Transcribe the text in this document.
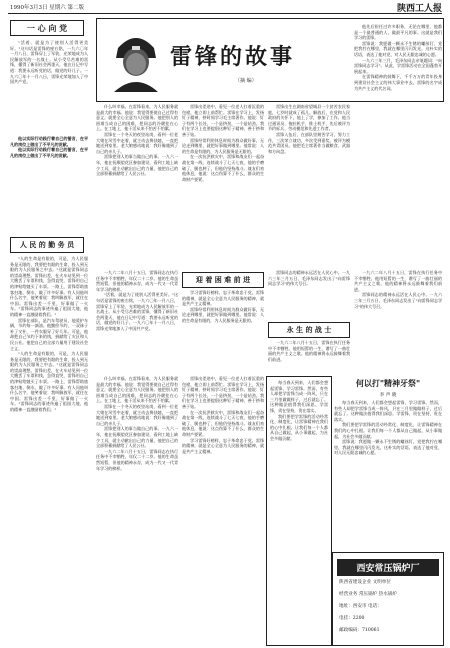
1990年3月3日 星期六 第二版	陕西工人报
一 心 向 党

"活着，就是为了使别人活得更美好。"这句话是雷锋的座右铭，一九六〇年一月八日，雷锋穿上了军装，光荣地成为人民解放军的一名战士。从小受尽苦难的雷锋，懂得了新旧社会两重天，他在日记中写道：我要永远听党的话，做党的好儿子。一九六〇年十一月八日，雷锋光荣地加入了中国共产党。

他以实际行动践行着自己的誓言，在平凡的岗位上做出了不平凡的贡献。

他以实际行动践行着自己的誓言，在平凡的岗位上做出了不平凡的贡献。

人 民 的 勤 务 员

"人的生命是有限的，可是，为人民服务是无限的，我要把有限的生命，投入到无限的为人民服务之中去。"这就是雷锋同志的崇高理想。雷锋出差，在火车站见到一位大嫂丢了车票和钱，急得直哭，雷锋用自己的津贴给她买了车票。一路上，雷锋帮助旅客扫地、倒水，做了许多好事。有人问他叫什么名字，他笑着说：我叫解放军，就住在中国。雷锋出差一千里，好事做了一火车。"雷锋同志的事迹传遍了祖国大地，他的精神一直激励着我们。"

雷锋在部队，是汽车驾驶员，他爱护车辆，节约每一滴油。他勤俭节约，一双袜子补了又补，一件衣服穿了好几年。可是，他却把自己节约下来的钱，捐献给了灾区和人民公社。他把自己的全部力量用于建设社会主义。

"人的生命是有限的，可是，为人民服务是无限的，我要把有限的生命，投入到无限的为人民服务之中去。"这就是雷锋同志的崇高理想。雷锋出差，在火车站见到一位大嫂丢了车票和钱，急得直哭，雷锋用自己的津贴给她买了车票。一路上，雷锋帮助旅客扫地、倒水，做了许多好事。有人问他叫什么名字，他笑着说：我叫解放军，就住在中国。雷锋出差一千里，好事做了一火车。"雷锋同志的事迹传遍了祖国大地，他的精神一直激励着我们。"

雷锋的故事
（摘 编）

什么叫幸福，在雷锋看来，为人民服务就是最大的幸福。他说：我觉得要使自己过得有意义，就要全心全意为人民服务。他把别人的困难当成自己的困难，把同志的冷暖挂在心上。在工地上，他干活从来不怕苦不怕累。

雷锋在一个冬天的夜里站岗，看到一位老大娘在风雪中走着，就主动去搀扶她，一直把她送到家里。老大娘感动地说：我好像遇到了自己的亲儿子。

雷锋把别人的事当做自己的事。一九六一年，他在抚顺望花区参加建设，看到工地上缺少工具，就主动献出自己的力量，他把自己的全部积蓄捐献给了人民公社。

雷锋出差途中，看见一位老人扛着沉重的包袱，他立即上前帮忙。雷锋在学习上，发扬钉子精神，挤时间学习毛主席著作。他说：钉子有两个长处，一个是挤劲，一个是钻劲。我们在学习上也要提倡这种钉子精神，善于挤和善于钻。

雷锋经常利用休息时间为群众做好事，无论走到哪里，就把好事做到哪里。他常说：人的生命是有限的，为人民服务是无限的。

在一次抗洪救灾中，雷锋和战友们一起奋战在第一线，连续战斗了七天七夜，他的手磨破了，腿也肿了，但他仍坚持战斗。战友们劝他休息，他说：这点伤算不了什么，群众的生命财产要紧。

雷锋出生在湖南省望城县一个贫苦农民家庭，七岁时就成了孤儿。解放后，在党和人民政府的关怀下，他上了学，参加了工作。他当过通讯员、拖拉机手、推土机手，先后被评为节约标兵、劳动模范和先进工作者。

雷锋入伍后，在部队里刻苦学习，努力工作，三次荣立战功，多次受到嘉奖，被评为模范共青团员。他把毛主席著作当做粮食、武器和方向盘。

他先后担任过许多职务，无论在哪里，他都是一个最普通的人，做最平凡的事。这就是我们学习的雷锋。

雷锋说：我愿做一颗永不生锈的螺丝钉，党把我拧在哪里，我就在哪里闪闪发光。这朴实的话语，表达了他对党、对人民无限忠诚的心愿。

一九六三年三月，毛泽东同志亲笔题词："向雷锋同志学习"。从此，学雷锋活动在全国蓬勃开展起来。

在雷锋精神的鼓舞下，千千万万的青年投身到建设社会主义的伟大事业中去，雷锋的名字成为共产主义的代名词。

一九六二年八月十五日，雷锋同志在执行任务中不幸牺牲，年仅二十二岁。他的生命虽然短暂，但他的精神永存，成为一代又一代青年学习的榜样。

"活着，就是为了使别人活得更美好。"这句话是雷锋的座右铭，一九六〇年一月八日，雷锋穿上了军装，光荣地成为人民解放军的一名战士。从小受尽苦难的雷锋，懂得了新旧社会两重天，他在日记中写道：我要永远听党的话，做党的好儿子。一九六〇年十一月八日，雷锋光荣地加入了中国共产党。

迎 着 困 难 前 进

学习雷锋好榜样，忠于革命忠于党。雷锋的精神，就是全心全意为人民服务的精神，就是共产主义精神。

雷锋经常利用休息时间为群众做好事，无论走到哪里，就把好事做到哪里。他常说：人的生命是有限的，为人民服务是无限的。

雷锋同志的精神永远活在人民心中。一九六三年三月五日，毛泽东同志发出了"向雷锋同志学习"的伟大号召。

永 生 的 战 士

一九六二年八月十五日，雷锋在执行任务中不幸牺牲。他用短暂的一生，谱写了一曲壮丽的共产主义之歌。他的精神将永远鼓舞着我们前进。

一九六二年八月十五日，雷锋在执行任务中不幸牺牲。他用短暂的一生，谱写了一曲壮丽的共产主义之歌。他的精神将永远鼓舞着我们前进。

雷锋同志的精神永远活在人民心中。一九六三年三月五日，毛泽东同志发出了"向雷锋同志学习"的伟大号召。

什么叫幸福，在雷锋看来，为人民服务就是最大的幸福。他说：我觉得要使自己过得有意义，就要全心全意为人民服务。他把别人的困难当成自己的困难，把同志的冷暖挂在心上。在工地上，他干活从来不怕苦不怕累。

雷锋在一个冬天的夜里站岗，看到一位老大娘在风雪中走着，就主动去搀扶她，一直把她送到家里。老大娘感动地说：我好像遇到了自己的亲儿子。

雷锋把别人的事当做自己的事。一九六一年，他在抚顺望花区参加建设，看到工地上缺少工具，就主动献出自己的力量，他把自己的全部积蓄捐献给了人民公社。

一九六二年八月十五日，雷锋同志在执行任务中不幸牺牲，年仅二十二岁。他的生命虽然短暂，但他的精神永存，成为一代又一代青年学习的榜样。

雷锋出差途中，看见一位老人扛着沉重的包袱，他立即上前帮忙。雷锋在学习上，发扬钉子精神，挤时间学习毛主席著作。他说：钉子有两个长处，一个是挤劲，一个是钻劲。我们在学习上也要提倡这种钉子精神，善于挤和善于钻。

在一次抗洪救灾中，雷锋和战友们一起奋战在第一线，连续战斗了七天七夜，他的手磨破了，腿也肿了，但他仍坚持战斗。战友们劝他休息，他说：这点伤算不了什么，群众的生命财产要紧。

学习雷锋好榜样，忠于革命忠于党。雷锋的精神，就是全心全意为人民服务的精神，就是共产主义精神。

每当春天到来，人们都会想起雷锋，学习雷锋。然而，有些人却把学雷锋当成一阵风，只在三月里做做样子，过后就忘了。这种做法值得我们深思。学雷锋，贵在坚持，贵在落实。

我们要把学雷锋的活动经常化、制度化，让雷锋精神在我们的心中扎根。让我们每一个人都从自己做起，从小事做起，为社会多做贡献。

何以打"精神牙祭"
李 声 晓

每当春天到来，人们都会想起雷锋，学习雷锋。然而，有些人却把学雷锋当成一阵风，只在三月里做做样子，过后就忘了。这种做法值得我们深思。学雷锋，贵在坚持，贵在落实。

我们要把学雷锋的活动经常化、制度化，让雷锋精神在我们的心中扎根。让我们每一个人都从自己做起，从小事做起，为社会多做贡献。

雷锋说：我愿做一颗永不生锈的螺丝钉，党把我拧在哪里，我就在哪里闪闪发光。这朴实的话语，表达了他对党、对人民无限忠诚的心愿。

西安常压锅炉厂
陕西省建设企业 文明单位
经营业务 常压锅炉 热水锅炉
地址：西安市 电话：
电挂：2200
邮政编码：710061
